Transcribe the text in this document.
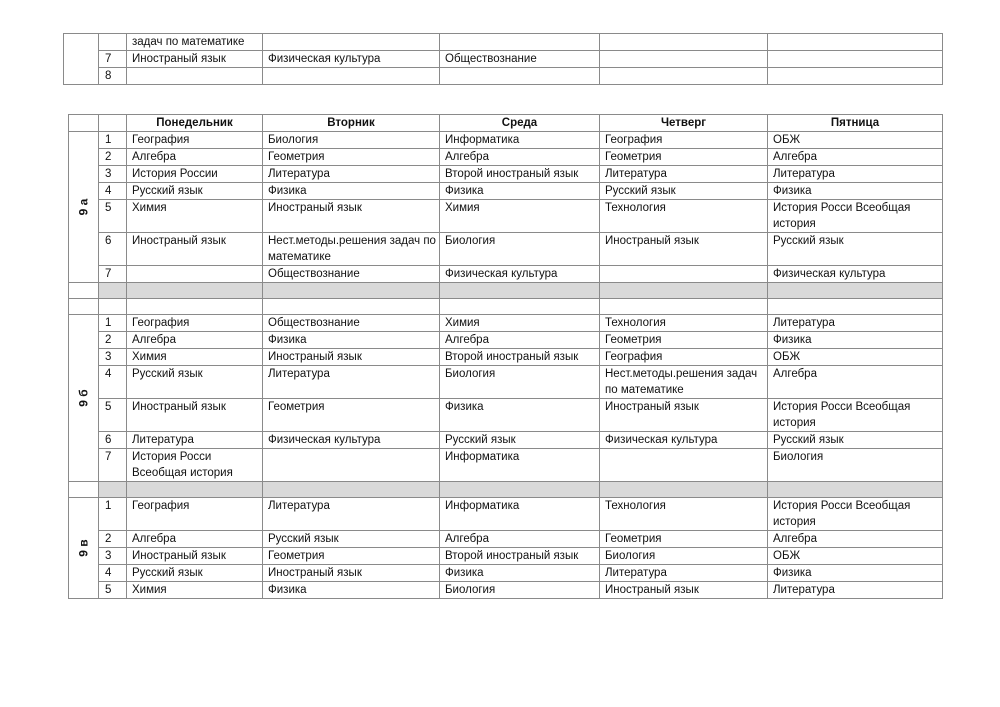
		задач по математике				
	7	Иностраный язык	Физическая культура	Обществознание		
	8					
		Понедельник	Вторник	Среда	Четверг	Пятница
9 а	1	География	Биология	Информатика	География	ОБЖ
	2	Алгебра	Геометрия	Алгебра	Геометрия	Алгебра
	3	История России	Литература	Второй иностраный язык	Литература	Литература
	4	Русский язык	Физика	Физика	Русский язык	Физика
	5	Химия	Иностраный язык	Химия	Технология	История Росси Всеобщая история
	6	Иностраный язык	Нест.методы.решения задач по математике	Биология	Иностраный язык	Русский язык
	7		Обществознание	Физическая культура		Физическая культура

9 б	1	География	Обществознание	Химия	Технология	Литература
	2	Алгебра	Физика	Алгебра	Геометрия	Физика
	3	Химия	Иностраный язык	Второй иностраный язык	География	ОБЖ
	4	Русский язык	Литература	Биология	Нест.методы.решения задач по математике	Алгебра
	5	Иностраный язык	Геометрия	Физика	Иностраный язык	История Росси Всеобщая история
	6	Литература	Физическая культура	Русский язык	Физическая культура	Русский язык
	7	История Росси Всеобщая история		Информатика		Биология

9 в	1	География	Литература	Информатика	Технология	История Росси Всеобщая история
	2	Алгебра	Русский язык	Алгебра	Геометрия	Алгебра
	3	Иностраный язык	Геометрия	Второй иностраный язык	Биология	ОБЖ
	4	Русский язык	Иностраный язык	Физика	Литература	Физика
	5	Химия	Физика	Биология	Иностраный язык	Литература
